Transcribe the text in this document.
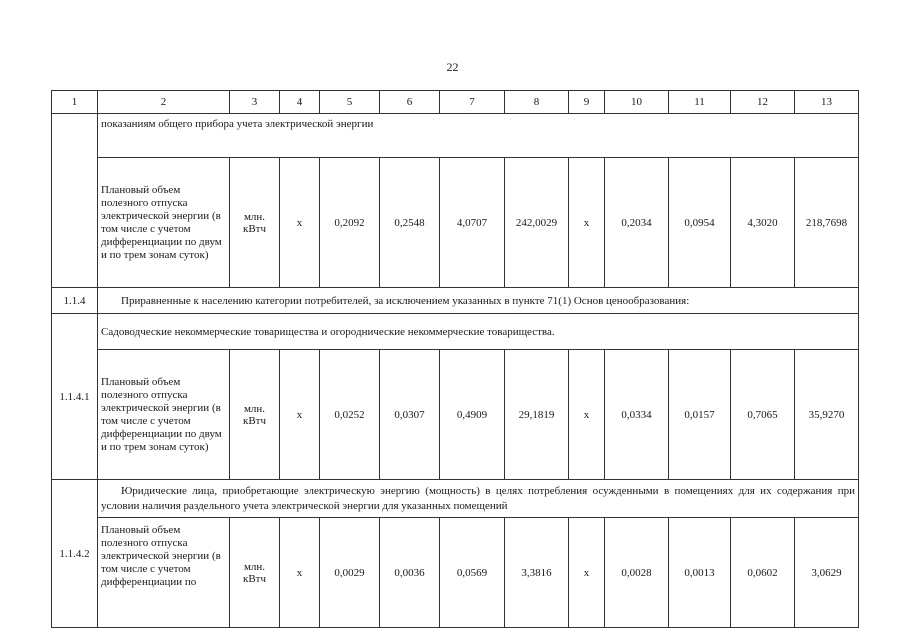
22
1	2	3	4	5	6	7	8	9	10	11	12	13
	показаниям общего прибора учета электрической энергии											
	Плановый объем полезного отпуска электрической энергии (в том числе с учетом дифференциации по двум и по трем зонам суток)	млн. кВтч	х	0,2092	0,2548	4,0707	242,0029	х	0,2034	0,0954	4,3020	218,7698
1.1.4	Приравненные к населению категории потребителей, за исключением указанных в пункте 71(1) Основ ценообразования:											
1.1.4.1	Садоводческие некоммерческие товарищества и огороднические некоммерческие товарищества.											
	Плановый объем полезного отпуска электрической энергии (в том числе с учетом дифференциации по двум и по трем зонам суток)	млн. кВтч	х	0,0252	0,0307	0,4909	29,1819	х	0,0334	0,0157	0,7065	35,9270
1.1.4.2	Юридические лица, приобретающие электрическую энергию (мощность) в целях потребления осужденными в помещениях для их содержания при условии наличия раздельного учета электрической энергии для указанных помещений											
	Плановый объем полезного отпуска электрической энергии (в том числе с учетом дифференциации по	млн. кВтч	х	0,0029	0,0036	0,0569	3,3816	х	0,0028	0,0013	0,0602	3,0629
